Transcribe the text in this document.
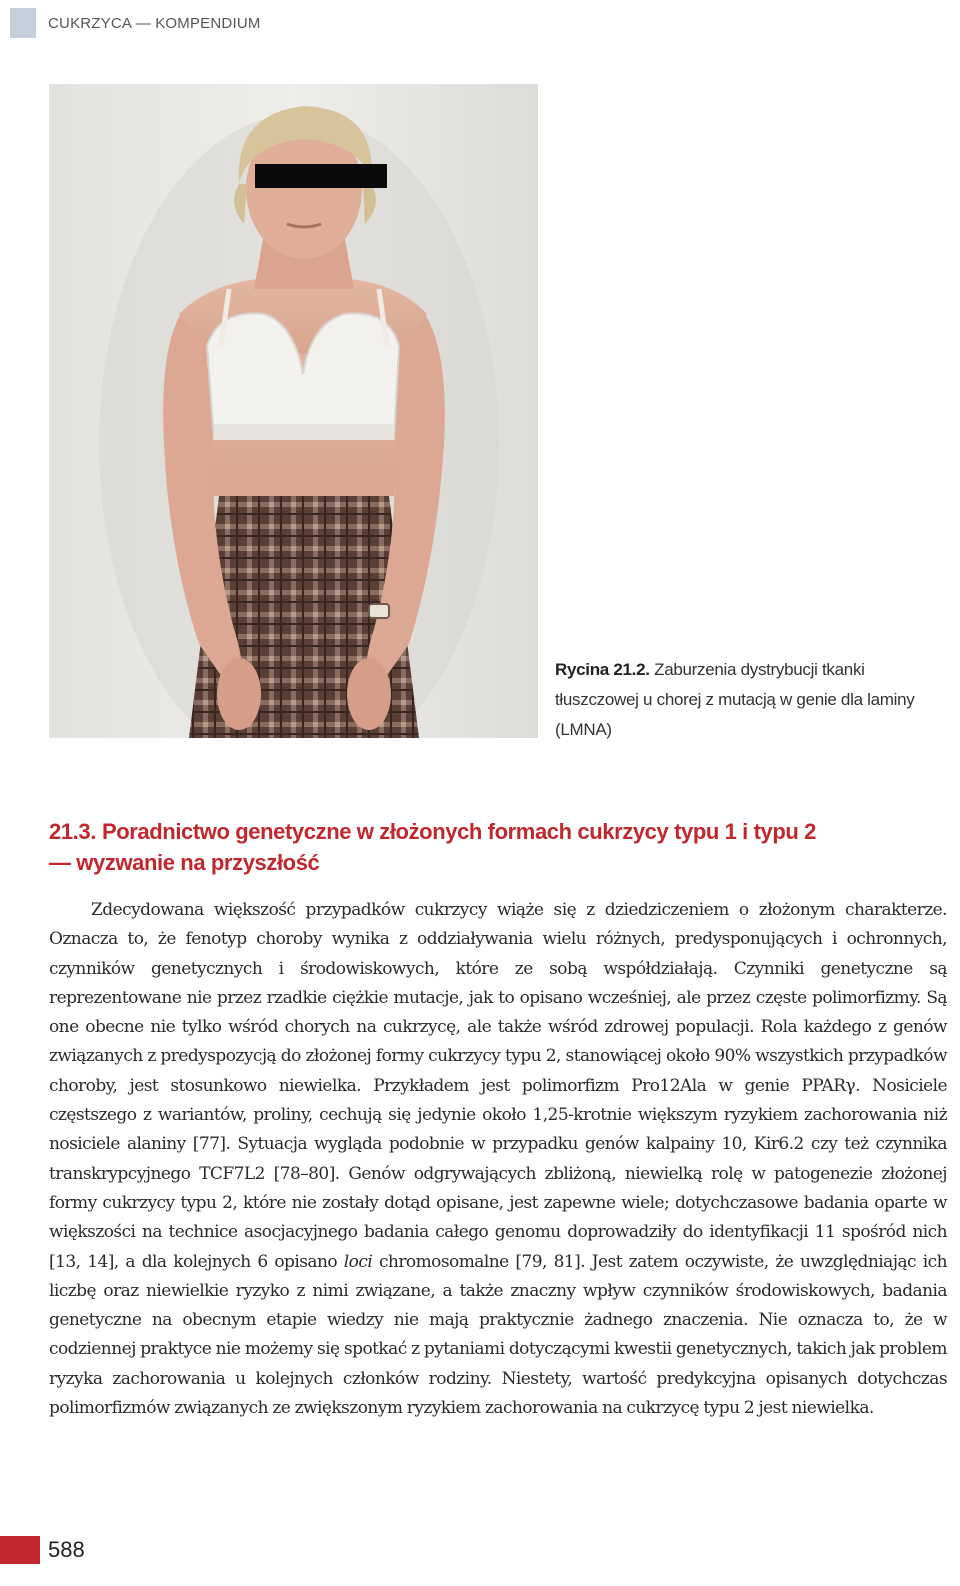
CUKRZYCA — KOMPENDIUM
Rycina 21.2. Zaburzenia dystrybucji tkanki tłuszczowej u chorej z mutacją w genie dla laminy (LMNA)
21.3. Poradnictwo genetyczne w złożonych formach cukrzycy typu 1 i typu 2
— wyzwanie na przyszłość

Zdecydowana większość przypadków cukrzycy wiąże się z dziedziczeniem o złożonym charakterze. Oznacza to, że fenotyp choroby wynika z oddziaływania wielu różnych, predysponujących i ochronnych, czynników genetycznych i środowiskowych, które ze sobą współdziałają. Czynniki genetyczne są reprezentowane nie przez rzadkie ciężkie mutacje, jak to opisano wcześniej, ale przez częste polimorfizmy. Są one obecne nie tylko wśród chorych na cukrzycę, ale także wśród zdrowej populacji. Rola każdego z genów związanych z predyspozycją do złożonej formy cukrzycy typu 2, stanowiącej około 90% wszystkich przypadków choroby, jest stosunkowo niewielka. Przykładem jest polimorfizm Pro12Ala w genie PPARγ. Nosiciele częstszego z wariantów, proliny, cechują się jedynie około 1,25-krotnie większym ryzykiem zachorowania niż nosiciele alaniny [77]. Sytuacja wygląda podobnie w przypadku genów kalpainy 10, Kir6.2 czy też czynnika transkrypcyjnego TCF7L2 [78–80]. Genów odgrywających zbliżoną, niewielką rolę w patogenezie złożonej formy cukrzycy typu 2, które nie zostały dotąd opisane, jest zapewne wiele; dotychczasowe badania oparte w większości na technice asocjacyjnego badania całego genomu doprowadziły do identyfikacji 11 spośród nich [13, 14], a dla kolejnych 6 opisano loci chromosomalne [79, 81]. Jest zatem oczywiste, że uwzględniając ich liczbę oraz niewielkie ryzyko z nimi związane, a także znaczny wpływ czynników środowiskowych, badania genetyczne na obecnym etapie wiedzy nie mają praktycznie żadnego znaczenia. Nie oznacza to, że w codziennej praktyce nie możemy się spotkać z pytaniami dotyczącymi kwestii genetycznych, takich jak problem ryzyka zachorowania u kolejnych członków rodziny. Niestety, wartość predykcyjna opisanych dotychczas polimorfizmów związanych ze zwiększonym ryzykiem zachorowania na cukrzycę typu 2 jest niewielka.

588
